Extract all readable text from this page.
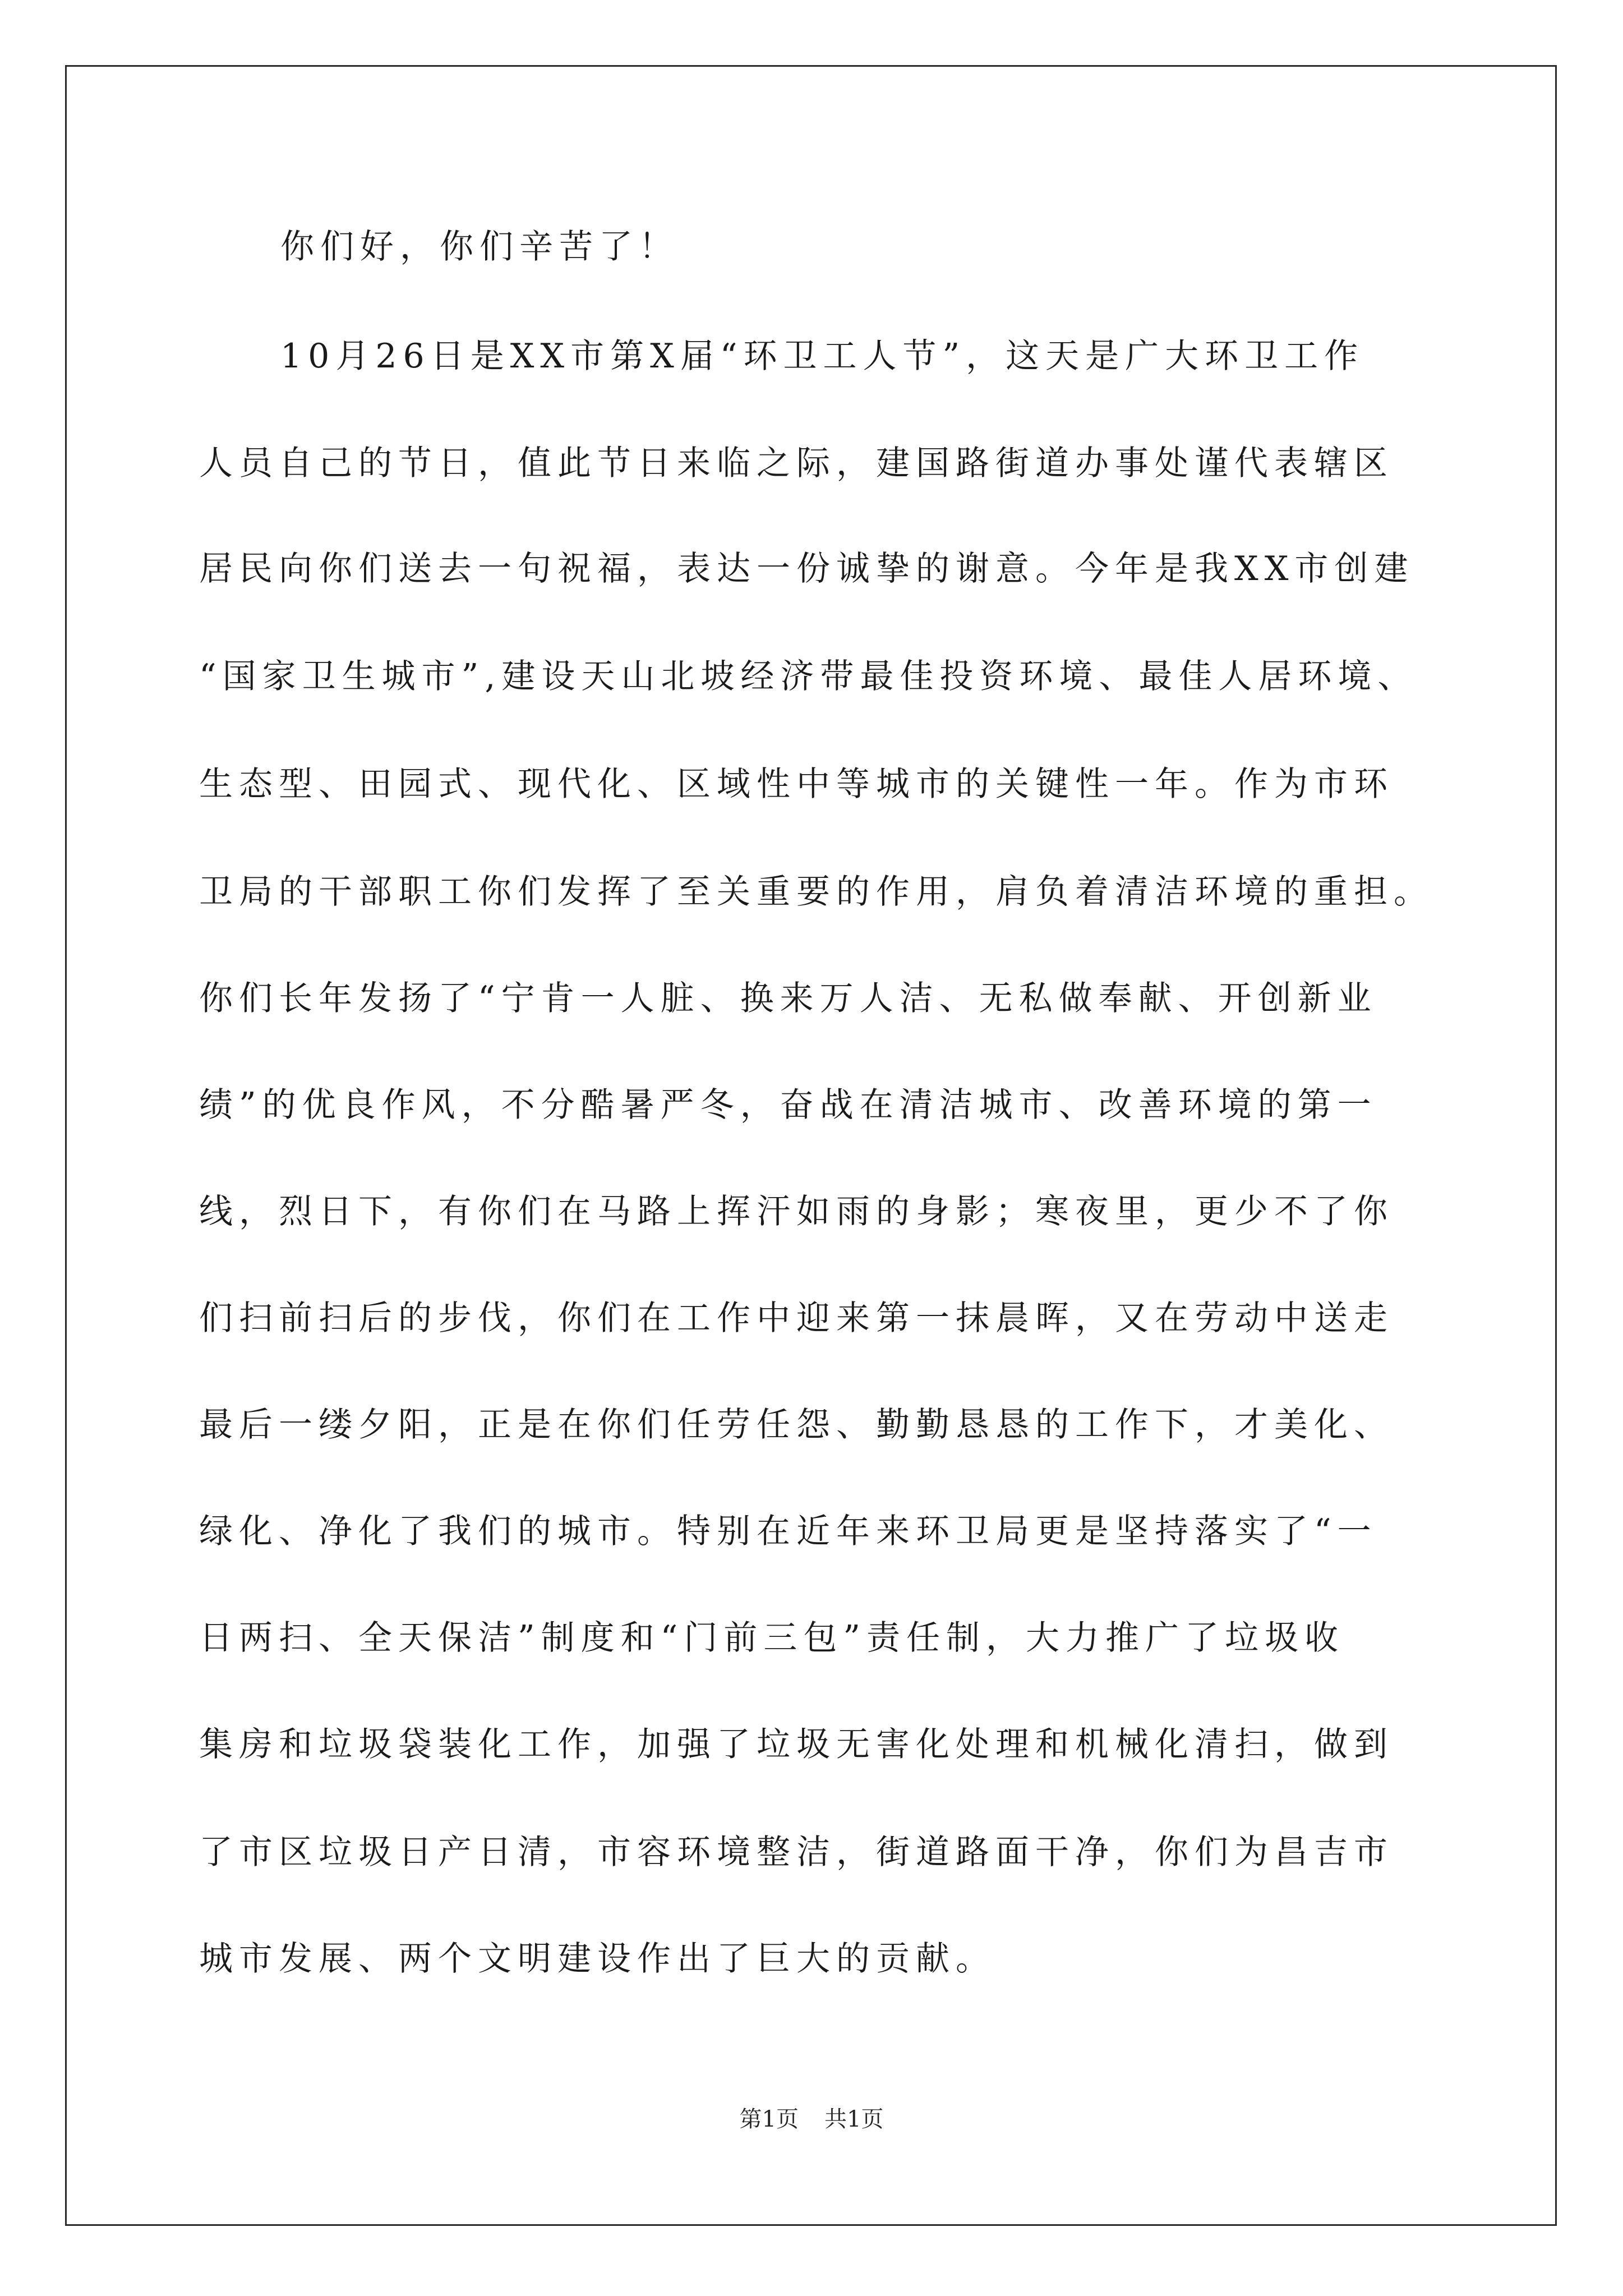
你们好，你们辛苦了！

10月26日是XX市第X届“环卫工人节”，这天是广大环卫工作

人员自己的节日，值此节日来临之际，建国路街道办事处谨代表辖区

居民向你们送去一句祝福，表达一份诚挚的谢意。今年是我XX市创建

“国家卫生城市”,建设天山北坡经济带最佳投资环境、最佳人居环境、

生态型、田园式、现代化、区域性中等城市的关键性一年。作为市环

卫局的干部职工你们发挥了至关重要的作用，肩负着清洁环境的重担。

你们长年发扬了“宁肯一人脏、换来万人洁、无私做奉献、开创新业

绩”的优良作风，不分酷暑严冬，奋战在清洁城市、改善环境的第一

线，烈日下，有你们在马路上挥汗如雨的身影；寒夜里，更少不了你

们扫前扫后的步伐，你们在工作中迎来第一抹晨晖，又在劳动中送走

最后一缕夕阳，正是在你们任劳任怨、勤勤恳恳的工作下，才美化、

绿化、净化了我们的城市。特别在近年来环卫局更是坚持落实了“一

日两扫、全天保洁”制度和“门前三包”责任制，大力推广了垃圾收

集房和垃圾袋装化工作，加强了垃圾无害化处理和机械化清扫，做到

了市区垃圾日产日清，市容环境整洁，街道路面干净，你们为昌吉市

城市发展、两个文明建设作出了巨大的贡献。

第1页 共1页
